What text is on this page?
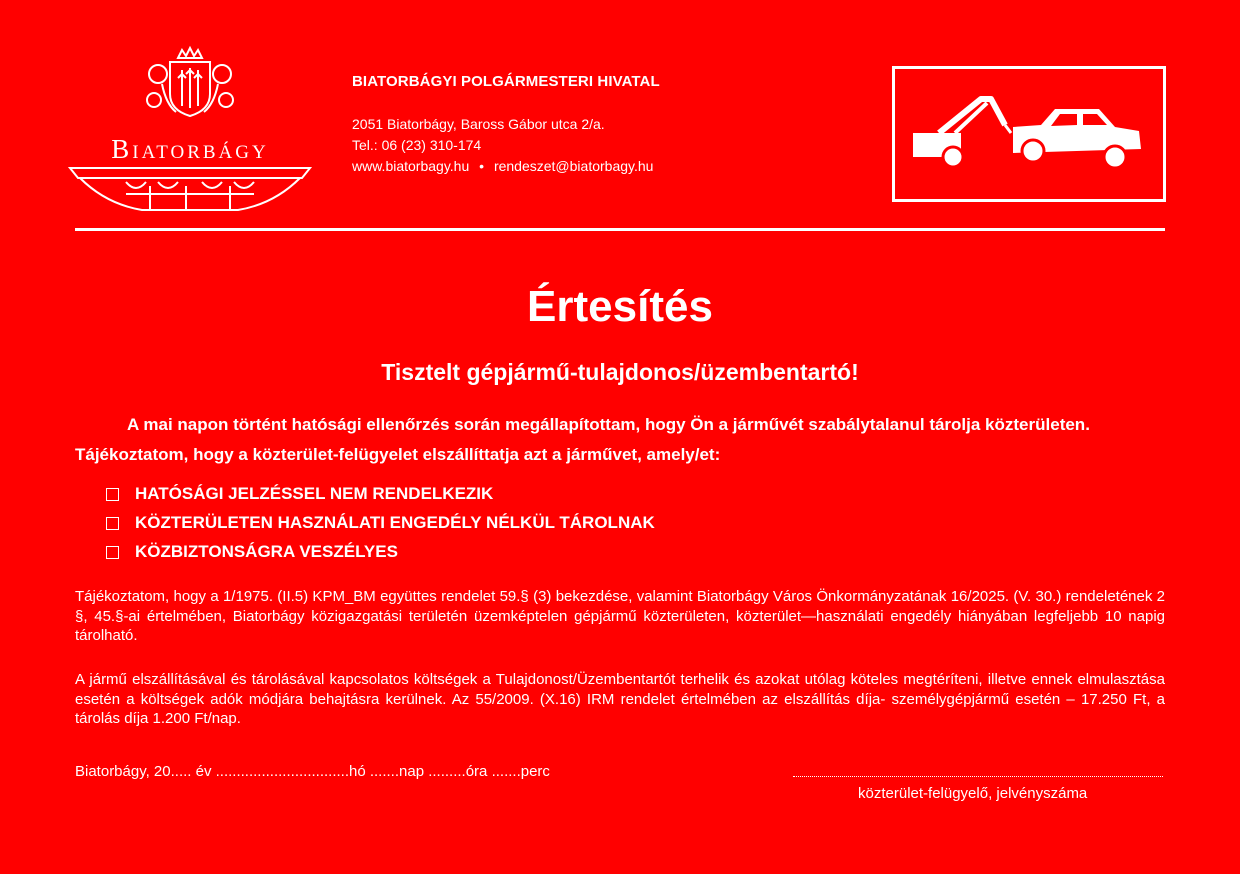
Biatorbágy
BIATORBÁGYI POLGÁRMESTERI HIVATAL
2051 Biatorbágy, Baross Gábor utca 2/a.
Tel.: 06 (23) 310-174
www.biatorbagy.hu • rendeszet@biatorbagy.hu
Értesítés
Tisztelt gépjármű-tulajdonos/üzembentartó!
A mai napon történt hatósági ellenőrzés során megállapítottam, hogy Ön a járművét szabálytalanul tárolja közterületen.
Tájékoztatom, hogy a közterület-felügyelet elszállíttatja azt a járművet, amely/et:
HATÓSÁGI JELZÉSSEL NEM RENDELKEZIK
KÖZTERÜLETEN HASZNÁLATI ENGEDÉLY NÉLKÜL TÁROLNAK
KÖZBIZTONSÁGRA VESZÉLYES
Tájékoztatom, hogy a 1/1975. (II.5) KPM_BM együttes rendelet 59.§ (3) bekezdése, valamint Biatorbágy Város Önkormányzatának 16/2025. (V. 30.) rendeletének 2 §, 45.§-ai értelmében, Biatorbágy közigazgatási területén üzemképtelen gépjármű közterületen, közterület—használati engedély hiányában legfeljebb 10 napig tárolható.
A jármű elszállításával és tárolásával kapcsolatos költségek a Tulajdonost/Üzembentartót terhelik és azokat utólag köteles megtéríteni, illetve ennek elmulasztása esetén a költségek adók módjára behajtásra kerülnek. Az 55/2009. (X.16) IRM rendelet értelmében az elszállítás díja- személygépjármű esetén – 17.250 Ft, a tárolás díja 1.200 Ft/nap.
Biatorbágy, 20..... év ................................hó .......nap .........óra .......perc
közterület-felügyelő, jelvényszáma
